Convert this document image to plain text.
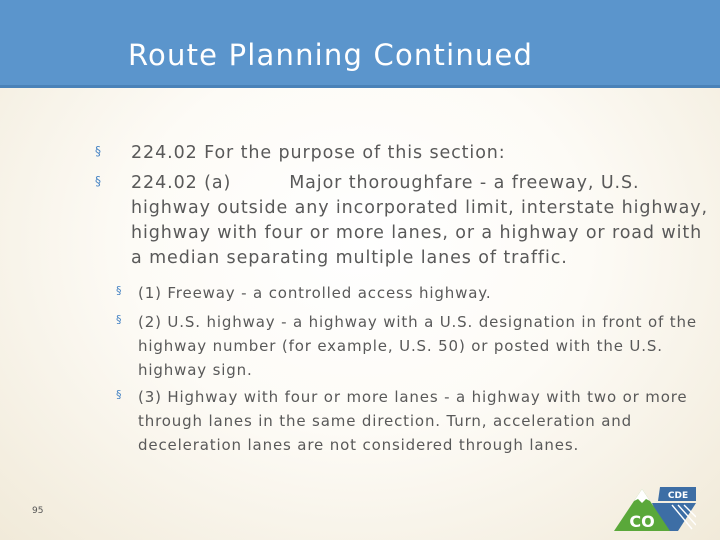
Route Planning Continued
§ 224.02 For the purpose of this section:
§ 224.02 (a)	Major thoroughfare - a freeway, U.S. highway outside any incorporated limit, interstate highway, highway with four or more lanes, or a highway or road with a median separating multiple lanes of traffic.
§ (1) Freeway - a controlled access highway.
§ (2) U.S. highway - a highway with a U.S. designation in front of the highway number (for example, U.S. 50) or posted with the U.S. highway sign.
§ (3) Highway with four or more lanes - a highway with two or more through lanes in the same direction. Turn, acceleration and deceleration lanes are not considered through lanes.
95
CDE
CO
